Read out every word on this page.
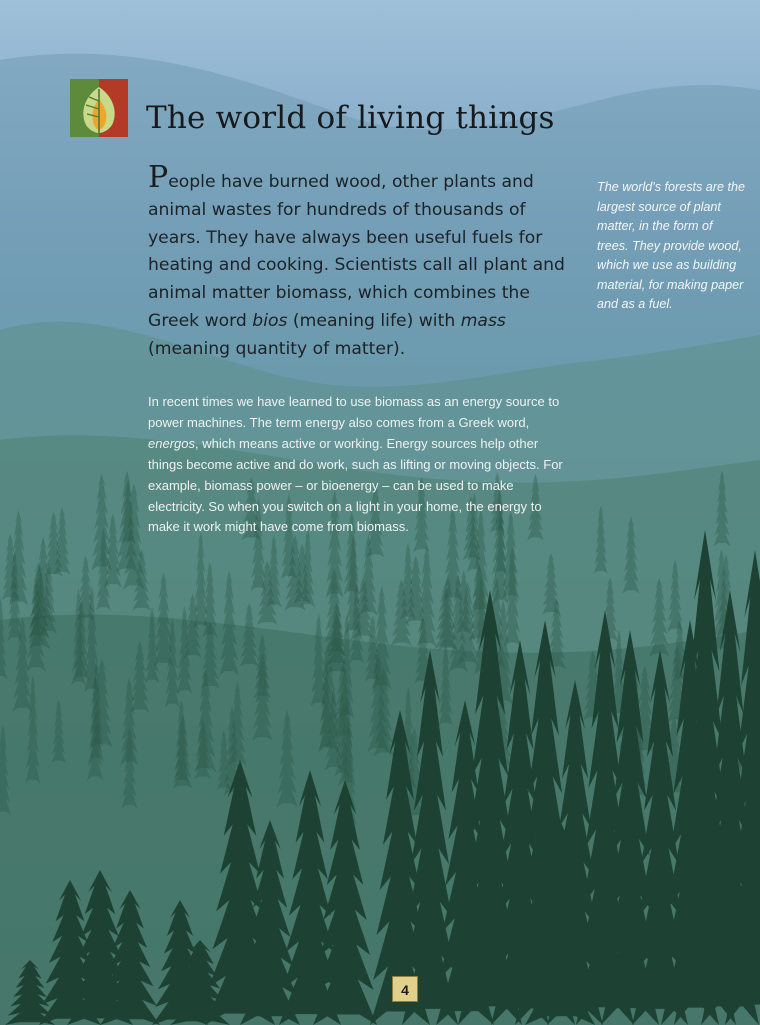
The world of living things

People have burned wood, other plants and animal wastes for hundreds of thousands of years. They have always been useful fuels for heating and cooking. Scientists call all plant and animal matter biomass, which combines the Greek word bios (meaning life) with mass (meaning quantity of matter).

In recent times we have learned to use biomass as an energy source to power machines. The term energy also comes from a Greek word, energos, which means active or working. Energy sources help other things become active and do work, such as lifting or moving objects. For example, biomass power – or bioenergy – can be used to make electricity. So when you switch on a light in your home, the energy to make it work might have come from biomass.

The world's forests are the largest source of plant matter, in the form of trees. They provide wood, which we use as building material, for making paper and as a fuel.

4
